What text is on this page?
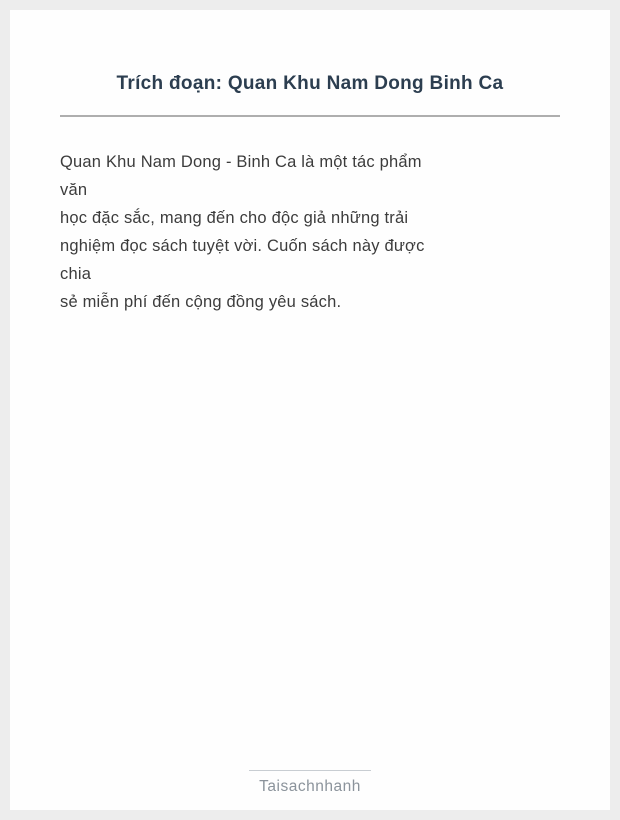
Trích đoạn: Quan Khu Nam Dong Binh Ca
Quan Khu Nam Dong - Binh Ca là một tác phẩm
văn
học đặc sắc, mang đến cho độc giả những trải
nghiệm đọc sách tuyệt vời. Cuốn sách này được
chia
sẻ miễn phí đến cộng đồng yêu sách.
Taisachnhanh
